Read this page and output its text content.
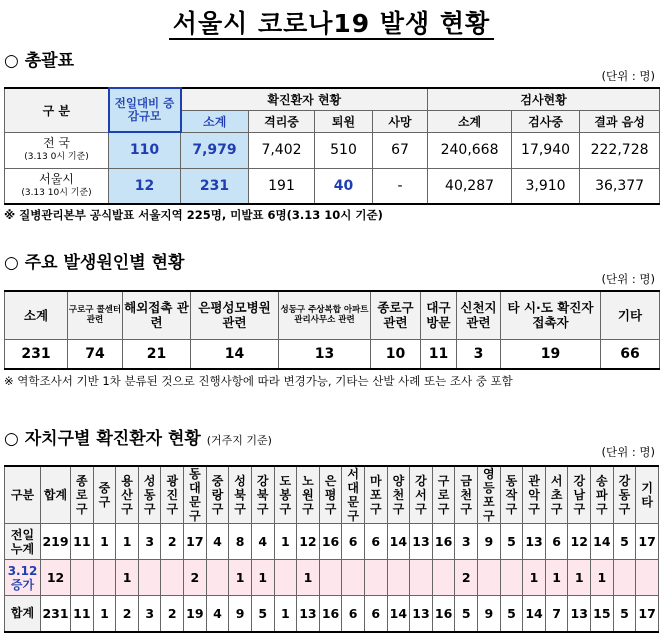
서울시 코로나19 발생 현황
○ 총괄표
(단위 : 명)
구 분	전일대비 증감규모	확진환자 현황				검사현황		
		소계	격리중	퇴원	사망	소계	검사중	결과 음성
전 국
(3.13 0시 기준)	110	7,979	7,402	510	67	240,668	17,940	222,728
서울시
(3.13 10시 기준)	12	231	191	40	-	40,287	3,910	36,377
※ 질병관리본부 공식발표 서울지역 225명, 미발표 6명(3.13 10시 기준)
○ 주요 발생원인별 현황
(단위 : 명)
소계	구로구 콜센터 관련	해외접촉 관련	은평성모병원 관련	성동구 주상복합 아파트 관리사무소 관련	종로구 관련	대구 방문	신천지 관련	타 시·도 확진자 접촉자	기타
231	74	21	14	13	10	11	3	19	66
※ 역학조사서 기반 1차 분류된 것으로 진행사항에 따라 변경가능, 기타는 산발 사례 또는 조사 중 포함
○ 자치구별 확진환자 현황 (거주지 기준)
(단위 : 명)
구분	합계	종로구	중구	용산구	성동구	광진구	동대문구	중랑구	성북구	강북구	도봉구	노원구	은평구	서대문구	마포구	양천구	강서구	구로구	금천구	영등포구	동작구	관악구	서초구	강남구	송파구	강동구	기타
전일 누계	219	11	1	1	3	2	17	4	8	4	1	12	16	6	6	14	13	16	3	9	5	13	6	12	14	5	17
3.12 증가	12			1			2		1	1		1							2			1	1	1	1		
합계	231	11	1	2	3	2	19	4	9	5	1	13	16	6	6	14	13	16	5	9	5	14	7	13	15	5	17
